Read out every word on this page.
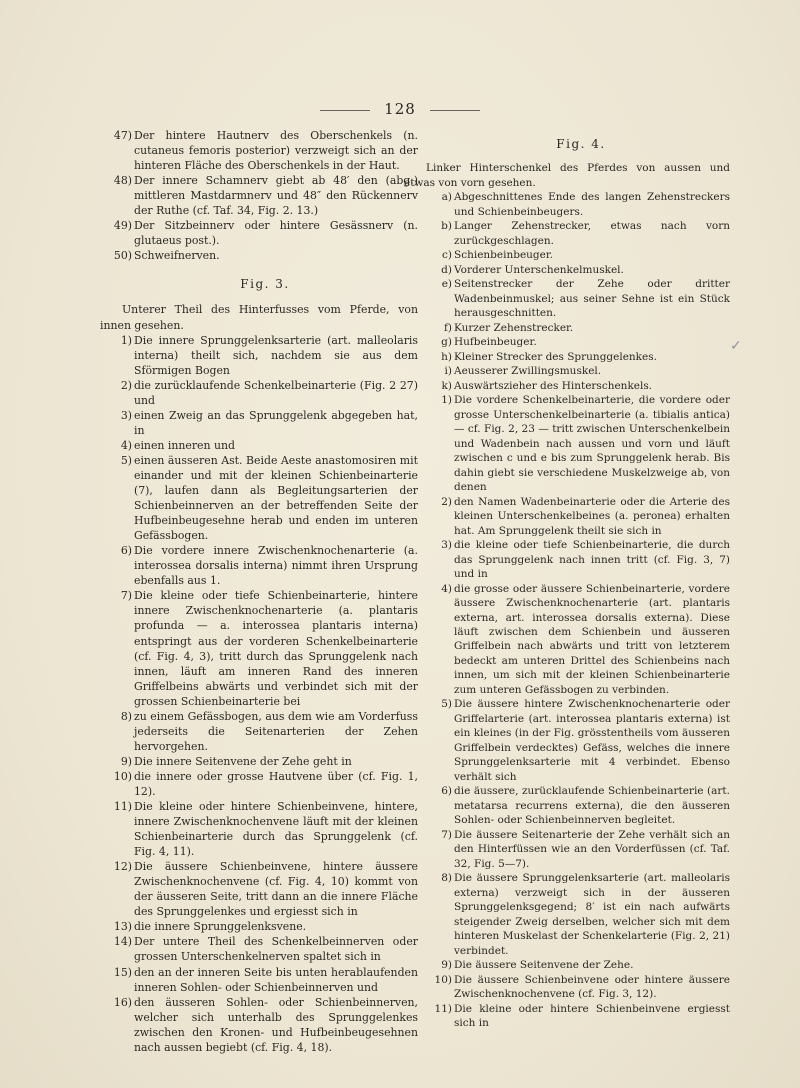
128
47) Der hintere Hautnerv des Oberschenkels (n. cutaneus femoris posterior) verzweigt sich an der hinteren Fläche des Oberschenkels in der Haut.
48) Der innere Schamnerv giebt ab 48′ den (abg.) mittleren Mastdarmnerv und 48″ den Rückennerv der Ruthe (cf. Taf. 34, Fig. 2. 13.)
49) Der Sitzbeinnerv oder hintere Gesässnerv (n. glutaeus post.).
50) Schweifnerven.
Fig. 3.
Unterer Theil des Hinterfusses vom Pferde, von innen gesehen.
1) Die innere Sprunggelenksarterie (art. malleolaris interna) theilt sich, nachdem sie aus dem Sförmigen Bogen
2) die zurücklaufende Schenkelbeinarterie (Fig. 2 27) und
3) einen Zweig an das Sprunggelenk abgegeben hat, in
4) einen inneren und
5) einen äusseren Ast. Beide Aeste anastomosiren mit einander und mit der kleinen Schienbeinarterie (7), laufen dann als Begleitungsarterien der Schienbeinnerven an der betreffenden Seite der Hufbeinbeugesehne herab und enden im unteren Gefässbogen.
6) Die vordere innere Zwischenknochenarterie (a. interossea dorsalis interna) nimmt ihren Ursprung ebenfalls aus 1.
7) Die kleine oder tiefe Schienbeinarterie, hintere innere Zwischenknochenarterie (a. plantaris profunda — a. interossea plantaris interna) entspringt aus der vorderen Schenkelbeinarterie (cf. Fig. 4, 3), tritt durch das Sprunggelenk nach innen, läuft am inneren Rand des inneren Griffelbeins abwärts und verbindet sich mit der grossen Schienbeinarterie bei
8) zu einem Gefässbogen, aus dem wie am Vorderfuss jederseits die Seitenarterien der Zehen hervorgehen.
9) Die innere Seitenvene der Zehe geht in
10) die innere oder grosse Hautvene über (cf. Fig. 1, 12).
11) Die kleine oder hintere Schienbeinvene, hintere, innere Zwischenknochenvene läuft mit der kleinen Schienbeinarterie durch das Sprunggelenk (cf. Fig. 4, 11).
12) Die äussere Schienbeinvene, hintere äussere Zwischenknochenvene (cf. Fig. 4, 10) kommt von der äusseren Seite, tritt dann an die innere Fläche des Sprunggelenkes und ergiesst sich in
13) die innere Sprunggelenksvene.
14) Der untere Theil des Schenkelbeinnerven oder grossen Unterschenkelnerven spaltet sich in
15) den an der inneren Seite bis unten herablaufenden inneren Sohlen- oder Schienbeinnerven und
16) den äusseren Sohlen- oder Schienbeinnerven, welcher sich unterhalb des Sprunggelenkes zwischen den Kronen- und Hufbeinbeugesehnen nach aussen begiebt (cf. Fig. 4, 18).
Fig. 4.
Linker Hinterschenkel des Pferdes von aussen und etwas von vorn gesehen.
a) Abgeschnittenes Ende des langen Zehenstreckers und Schienbeinbeugers.
b) Langer Zehenstrecker, etwas nach vorn zurückgeschlagen.
c) Schienbeinbeuger.
d) Vorderer Unterschenkelmuskel.
e) Seitenstrecker der Zehe oder dritter Wadenbeinmuskel; aus seiner Sehne ist ein Stück herausgeschnitten.
f) Kurzer Zehenstrecker.
g) Hufbeinbeuger.
h) Kleiner Strecker des Sprunggelenkes.
i) Aeusserer Zwillingsmuskel.
k) Auswärtszieher des Hinterschenkels.
1) Die vordere Schenkelbeinarterie, die vordere oder grosse Unterschenkelbeinarterie (a. tibialis antica) — cf. Fig. 2, 23 — tritt zwischen Unterschenkelbein und Wadenbein nach aussen und vorn und läuft zwischen c und e bis zum Sprunggelenk herab. Bis dahin giebt sie verschiedene Muskelzweige ab, von denen
2) den Namen Wadenbeinarterie oder die Arterie des kleinen Unterschenkelbeines (a. peronea) erhalten hat. Am Sprunggelenk theilt sie sich in
3) die kleine oder tiefe Schienbeinarterie, die durch das Sprunggelenk nach innen tritt (cf. Fig. 3, 7) und in
4) die grosse oder äussere Schienbeinarterie, vordere äussere Zwischenknochenarterie (art. plantaris externa, art. interossea dorsalis externa). Diese läuft zwischen dem Schienbein und äusseren Griffelbein nach abwärts und tritt von letzterem bedeckt am unteren Drittel des Schienbeins nach innen, um sich mit der kleinen Schienbeinarterie zum unteren Gefässbogen zu verbinden.
5) Die äussere hintere Zwischenknochenarterie oder Griffelarterie (art. interossea plantaris externa) ist ein kleines (in der Fig. grösstentheils vom äusseren Griffelbein verdecktes) Gefäss, welches die innere Sprunggelenksarterie mit 4 verbindet. Ebenso verhält sich
6) die äussere, zurücklaufende Schienbeinarterie (art. metatarsa recurrens externa), die den äusseren Sohlen- oder Schienbeinnerven begleitet.
7) Die äussere Seitenarterie der Zehe verhält sich an den Hinterfüssen wie an den Vorderfüssen (cf. Taf. 32, Fig. 5—7).
8) Die äussere Sprunggelenksarterie (art. malleolaris externa) verzweigt sich in der äusseren Sprunggelenksgegend; 8′ ist ein nach aufwärts steigender Zweig derselben, welcher sich mit dem hinteren Muskelast der Schenkelarterie (Fig. 2, 21) verbindet.
9) Die äussere Seitenvene der Zehe.
10) Die äussere Schienbeinvene oder hintere äussere Zwischenknochenvene (cf. Fig. 3, 12).
11) Die kleine oder hintere Schienbeinvene ergiesst sich in
✓
